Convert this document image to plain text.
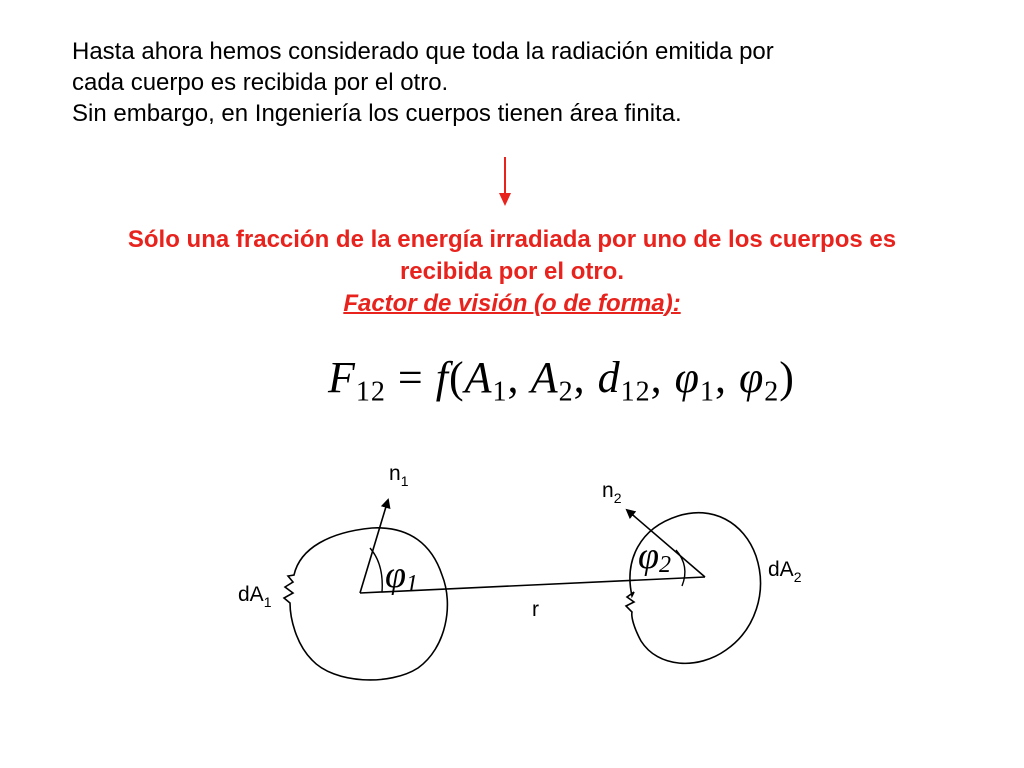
Hasta ahora hemos considerado que toda la radiación emitida por
cada cuerpo es recibida por el otro.
Sin embargo, en Ingeniería los cuerpos tienen área finita.
Sólo una fracción de la energía irradiada por uno de los cuerpos es
recibida por el otro.
Factor de visión (o de forma):
$F_{12} = f(A_1$, $A_2$, $d_{12}$, $\varphi_1$, $\varphi_2$)
$n_1$	$n_2$
$dA_1$
$dA_2$
r
φ1
φ2
